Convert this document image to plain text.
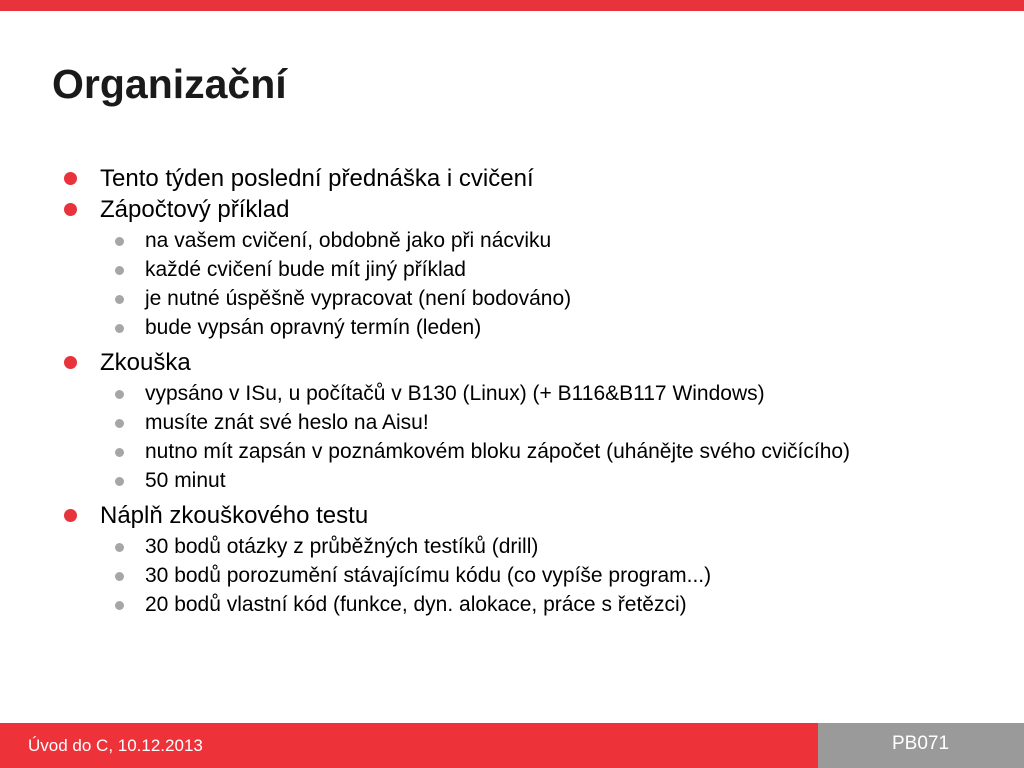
Organizační
Tento týden poslední přednáška i cvičení
Zápočtový příklad
na vašem cvičení, obdobně jako při nácviku
každé cvičení bude mít jiný příklad
je nutné úspěšně vypracovat (není bodováno)
bude vypsán opravný termín (leden)
Zkouška
vypsáno v ISu, u počítačů v B130 (Linux) (+ B116&B117 Windows)
musíte znát své heslo na Aisu!
nutno mít zapsán v poznámkovém bloku zápočet (uhánějte svého cvičícího)
50 minut
Náplň zkouškového testu
30 bodů otázky z průběžných testíků (drill)
30 bodů porozumění stávajícímu kódu (co vypíše program...)
20 bodů vlastní kód (funkce, dyn. alokace, práce s řetězci)
Úvod do C, 10.12.2013	PB071
